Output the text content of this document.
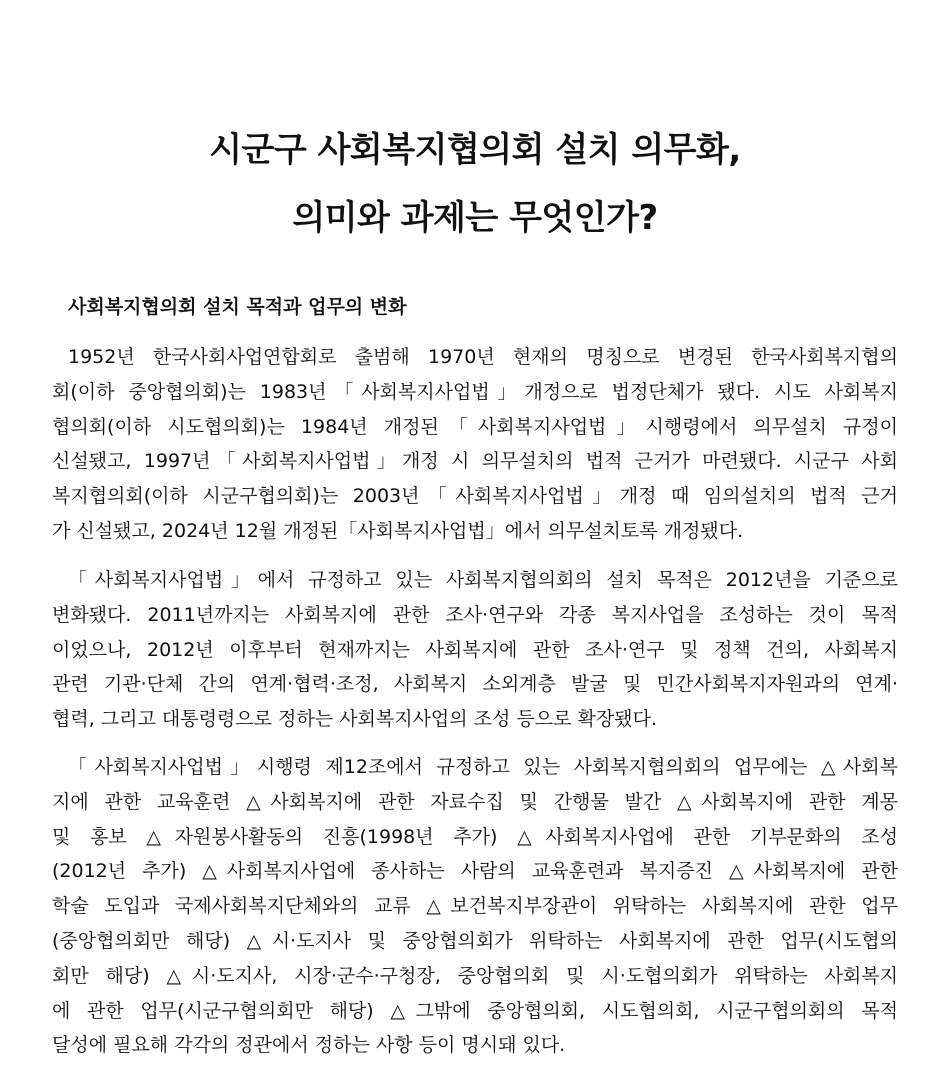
시군구 사회복지협의회 설치 의무화,
의미와 과제는 무엇인가?
사회복지협의회 설치 목적과 업무의 변화
1952년 한국사회사업연합회로 출범해 1970년 현재의 명칭으로 변경된 한국사회복지협의
회(이하 중앙협의회)는 1983년「사회복지사업법」개정으로 법정단체가 됐다. 시도 사회복지
협의회(이하 시도협의회)는 1984년 개정된「사회복지사업법」시행령에서 의무설치 규정이
신설됐고, 1997년「사회복지사업법」개정 시 의무설치의 법적 근거가 마련됐다. 시군구 사회
복지협의회(이하 시군구협의회)는 2003년「사회복지사업법」개정 때 임의설치의 법적 근거
가 신설됐고, 2024년 12월 개정된「사회복지사업법」에서 의무설치토록 개정됐다.
「사회복지사업법」에서 규정하고 있는 사회복지협의회의 설치 목적은 2012년을 기준으로
변화됐다. 2011년까지는 사회복지에 관한 조사·연구와 각종 복지사업을 조성하는 것이 목적
이었으나, 2012년 이후부터 현재까지는 사회복지에 관한 조사·연구 및 정책 건의, 사회복지
관련 기관·단체 간의 연계·협력·조정, 사회복지 소외계층 발굴 및 민간사회복지자원과의 연계·
협력, 그리고 대통령령으로 정하는 사회복지사업의 조성 등으로 확장됐다.
「사회복지사업법」시행령 제12조에서 규정하고 있는 사회복지협의회의 업무에는 △사회복
지에 관한 교육훈련 △사회복지에 관한 자료수집 및 간행물 발간 △사회복지에 관한 계몽
및 홍보 △자원봉사활동의 진흥(1998년 추가) △사회복지사업에 관한 기부문화의 조성
(2012년 추가) △사회복지사업에 종사하는 사람의 교육훈련과 복지증진 △사회복지에 관한
학술 도입과 국제사회복지단체와의 교류 △보건복지부장관이 위탁하는 사회복지에 관한 업무
(중앙협의회만 해당) △시·도지사 및 중앙협의회가 위탁하는 사회복지에 관한 업무(시도협의
회만 해당) △시·도지사, 시장·군수·구청장, 중앙협의회 및 시·도협의회가 위탁하는 사회복지
에 관한 업무(시군구협의회만 해당) △그밖에 중앙협의회, 시도협의회, 시군구협의회의 목적
달성에 필요해 각각의 정관에서 정하는 사항 등이 명시돼 있다.
